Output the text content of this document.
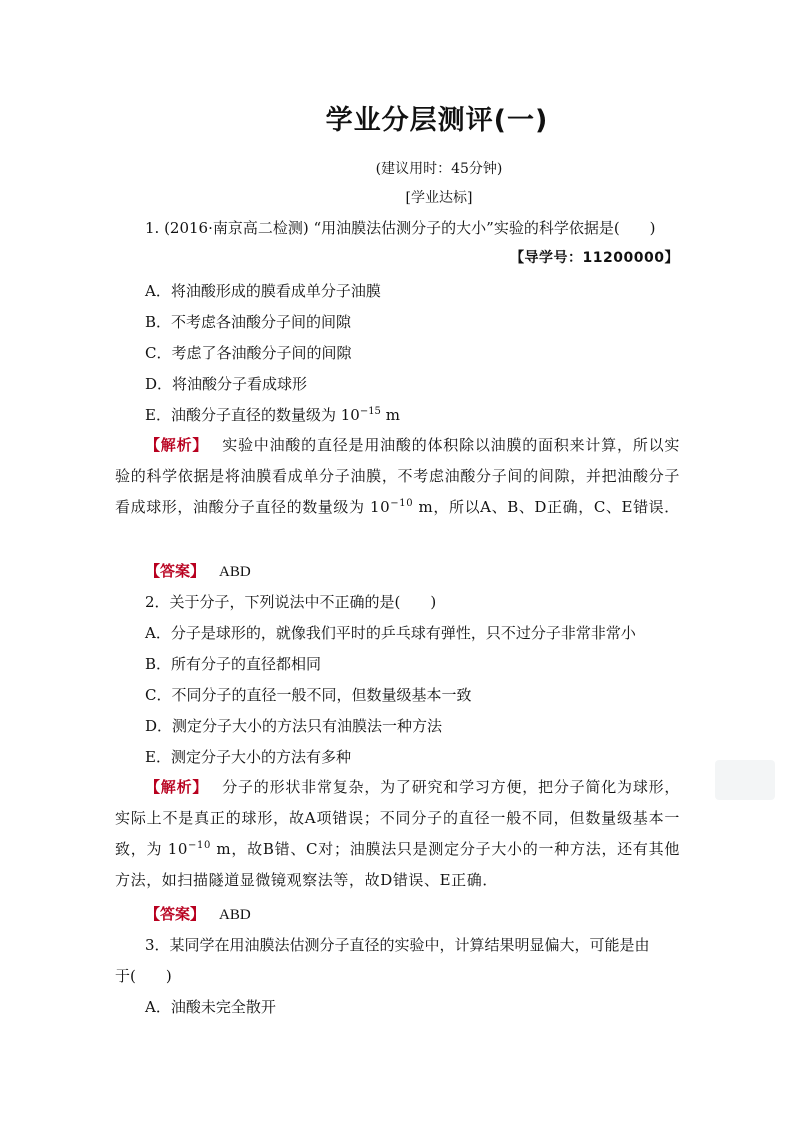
学业分层测评(一)
(建议用时：45分钟)
[学业达标]
1. (2016·南京高二检测) “用油膜法估测分子的大小”实验的科学依据是(　　)
【导学号：11200000】
A．将油酸形成的膜看成单分子油膜
B．不考虑各油酸分子间的间隙
C．考虑了各油酸分子间的间隙
D．将油酸分子看成球形
E．油酸分子直径的数量级为 $10^{-15}$ m
【解析】 实验中油酸的直径是用油酸的体积除以油膜的面积来计算，所以实验的科学依据是将油膜看成单分子油膜，不考虑油酸分子间的间隙，并把油酸分子看成球形，油酸分子直径的数量级为 $10^{-10}$ m，所以A、B、D正确，C、E错误．
【答案】 ABD
2．关于分子，下列说法中不正确的是(　　)
A．分子是球形的，就像我们平时的乒乓球有弹性，只不过分子非常非常小
B．所有分子的直径都相同
C．不同分子的直径一般不同，但数量级基本一致
D．测定分子大小的方法只有油膜法一种方法
E．测定分子大小的方法有多种
【解析】 分子的形状非常复杂，为了研究和学习方便，把分子简化为球形，实际上不是真正的球形，故A项错误；不同分子的直径一般不同，但数量级基本一致，为 $10^{-10}$ m，故B错、C对；油膜法只是测定分子大小的一种方法，还有其他方法，如扫描隧道显微镜观察法等，故D错误、E正确．
【答案】 ABD
3．某同学在用油膜法估测分子直径的实验中，计算结果明显偏大，可能是由
于(　　)
A．油酸未完全散开
